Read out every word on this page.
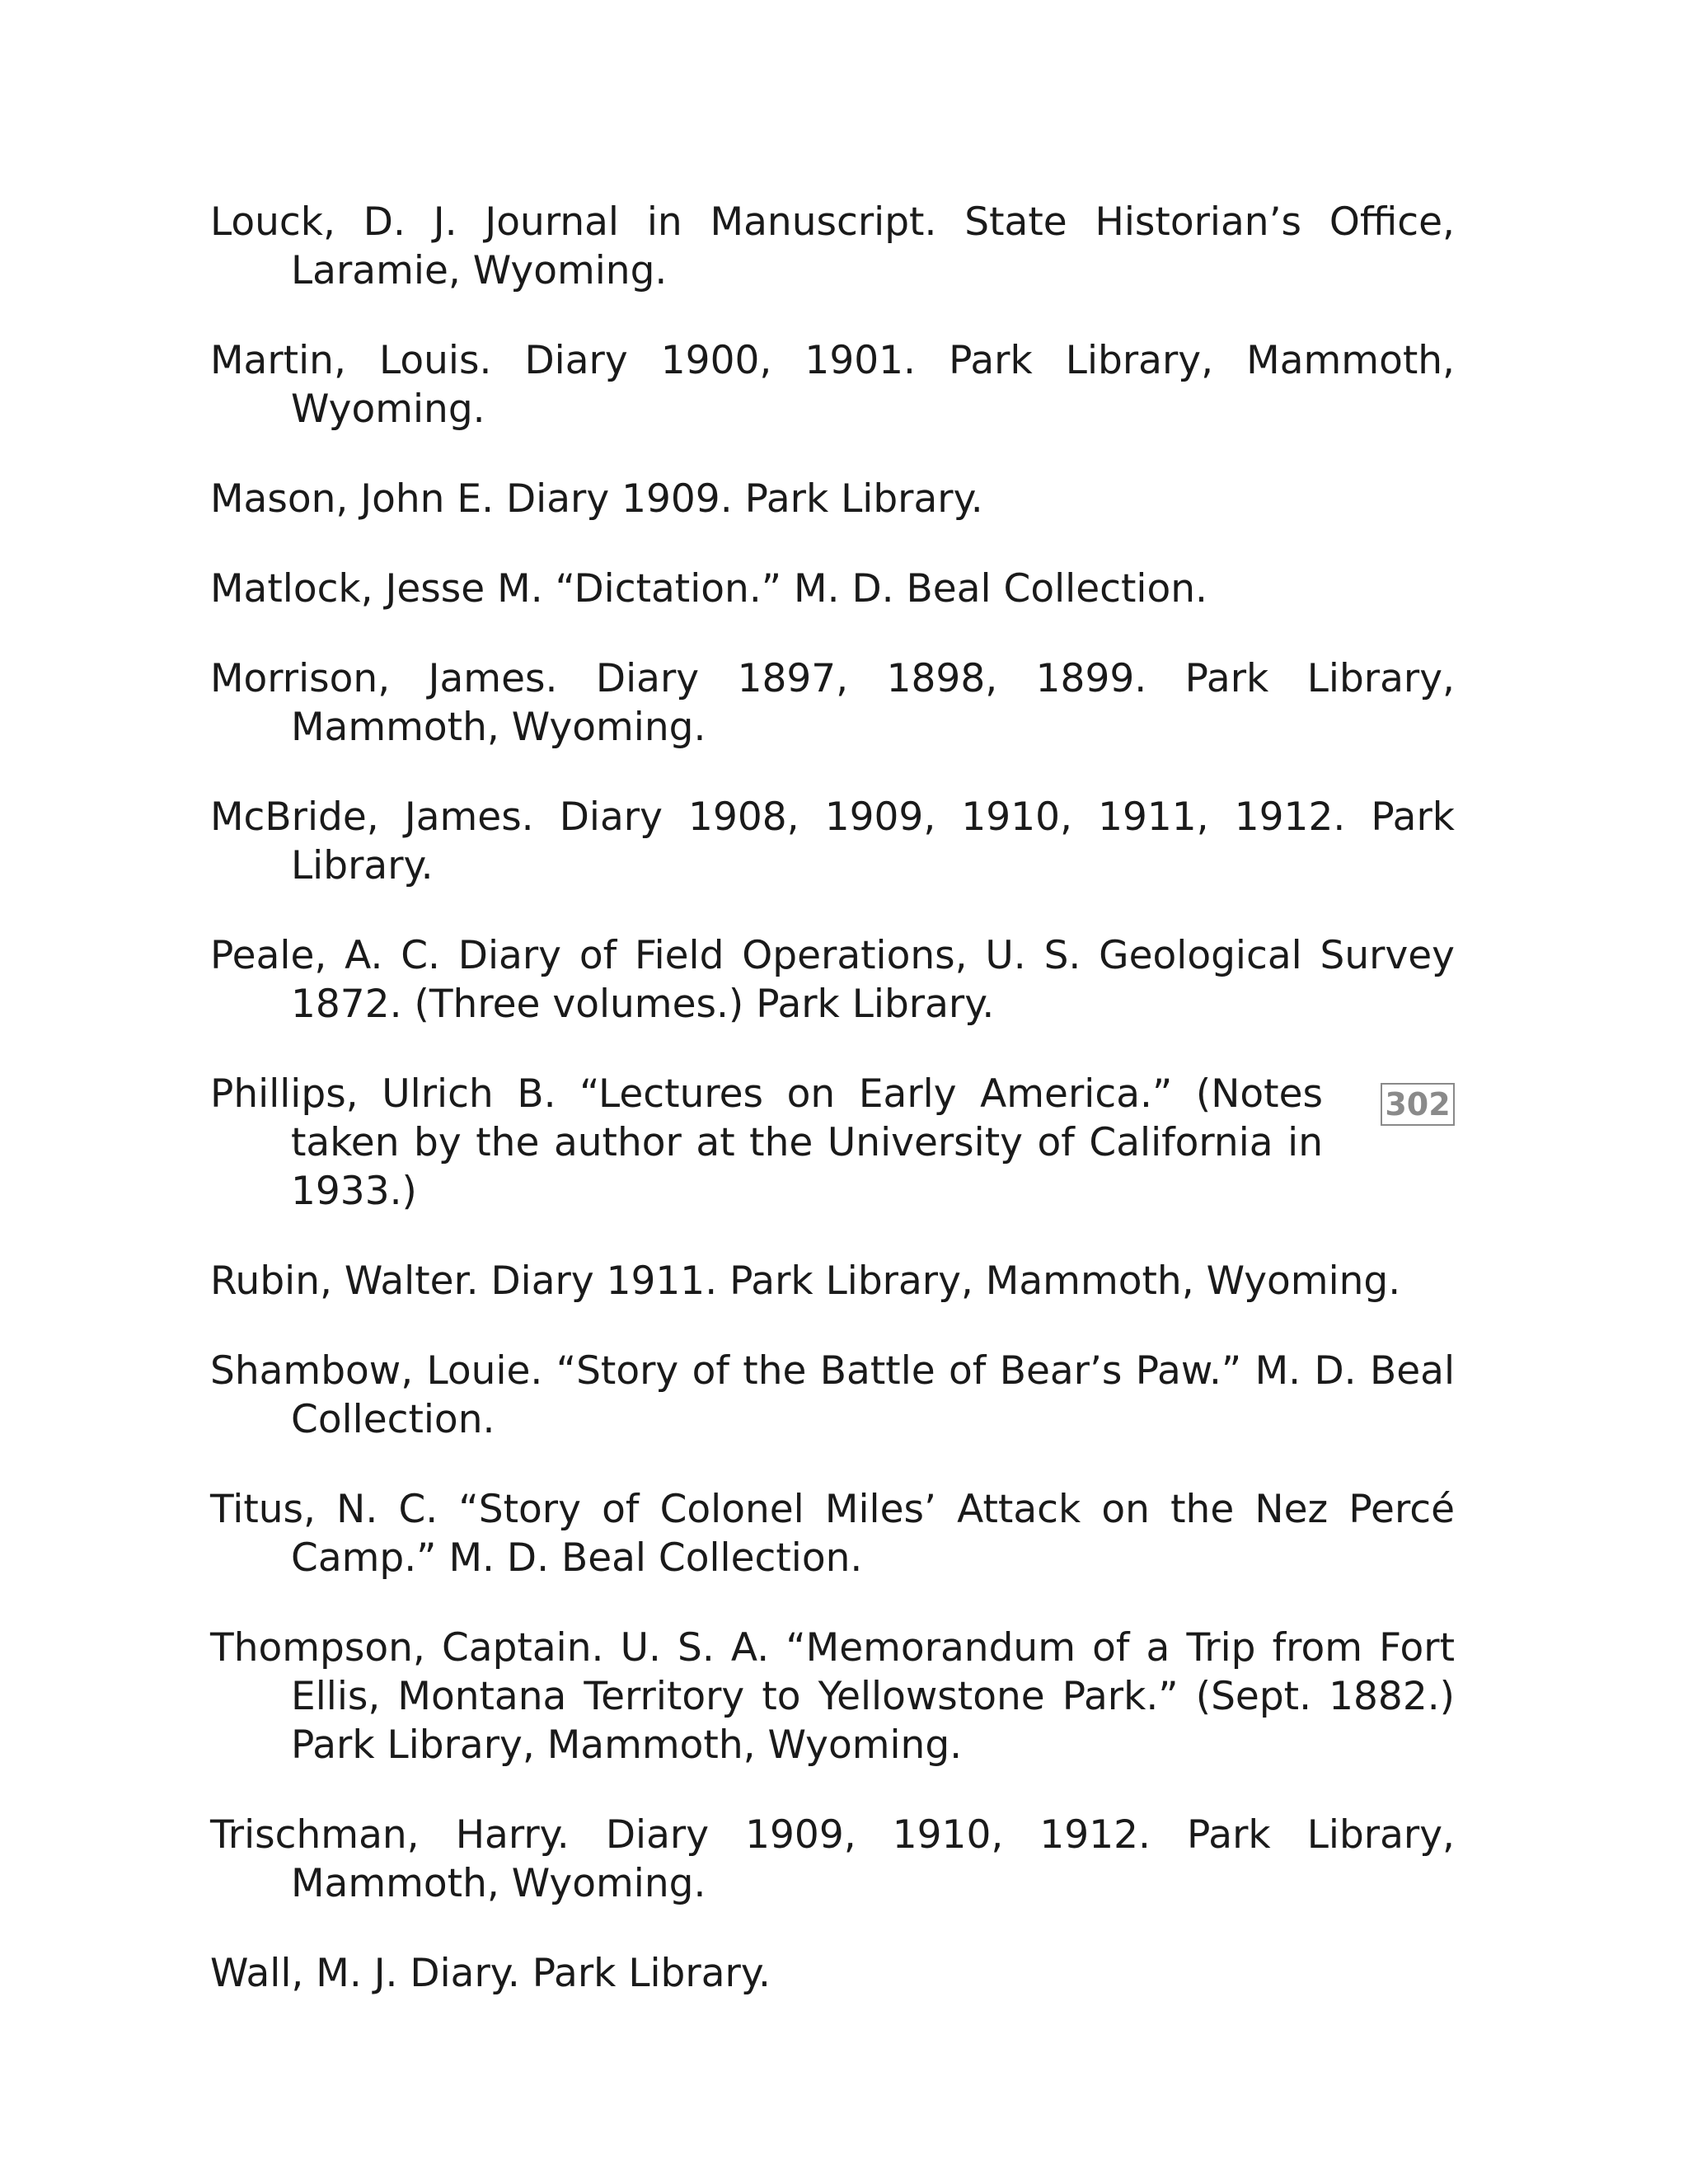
Louck, D. J. Journal in Manuscript. State Historian’s Office, Laramie, Wyoming.
Martin, Louis. Diary 1900, 1901. Park Library, Mammoth, Wyoming.
Mason, John E. Diary 1909. Park Library.
Matlock, Jesse M. “Dictation.” M. D. Beal Collection.
Morrison, James. Diary 1897, 1898, 1899. Park Library, Mammoth, Wyoming.
McBride, James. Diary 1908, 1909, 1910, 1911, 1912. Park Library.
Peale, A. C. Diary of Field Operations, U. S. Geological Survey 1872. (Three volumes.) Park Library.
Phillips, Ulrich B. “Lectures on Early America.” (Notes taken by the author at the University of California in 1933.)
302
Rubin, Walter. Diary 1911. Park Library, Mammoth, Wyoming.
Shambow, Louie. “Story of the Battle of Bear’s Paw.” M. D. Beal Collection.
Titus, N. C. “Story of Colonel Miles’ Attack on the Nez Percé Camp.” M. D. Beal Collection.
Thompson, Captain. U. S. A. “Memorandum of a Trip from Fort Ellis, Montana Territory to Yellowstone Park.” (Sept. 1882.) Park Library, Mammoth, Wyoming.
Trischman, Harry. Diary 1909, 1910, 1912. Park Library, Mammoth, Wyoming.
Wall, M. J. Diary. Park Library.
